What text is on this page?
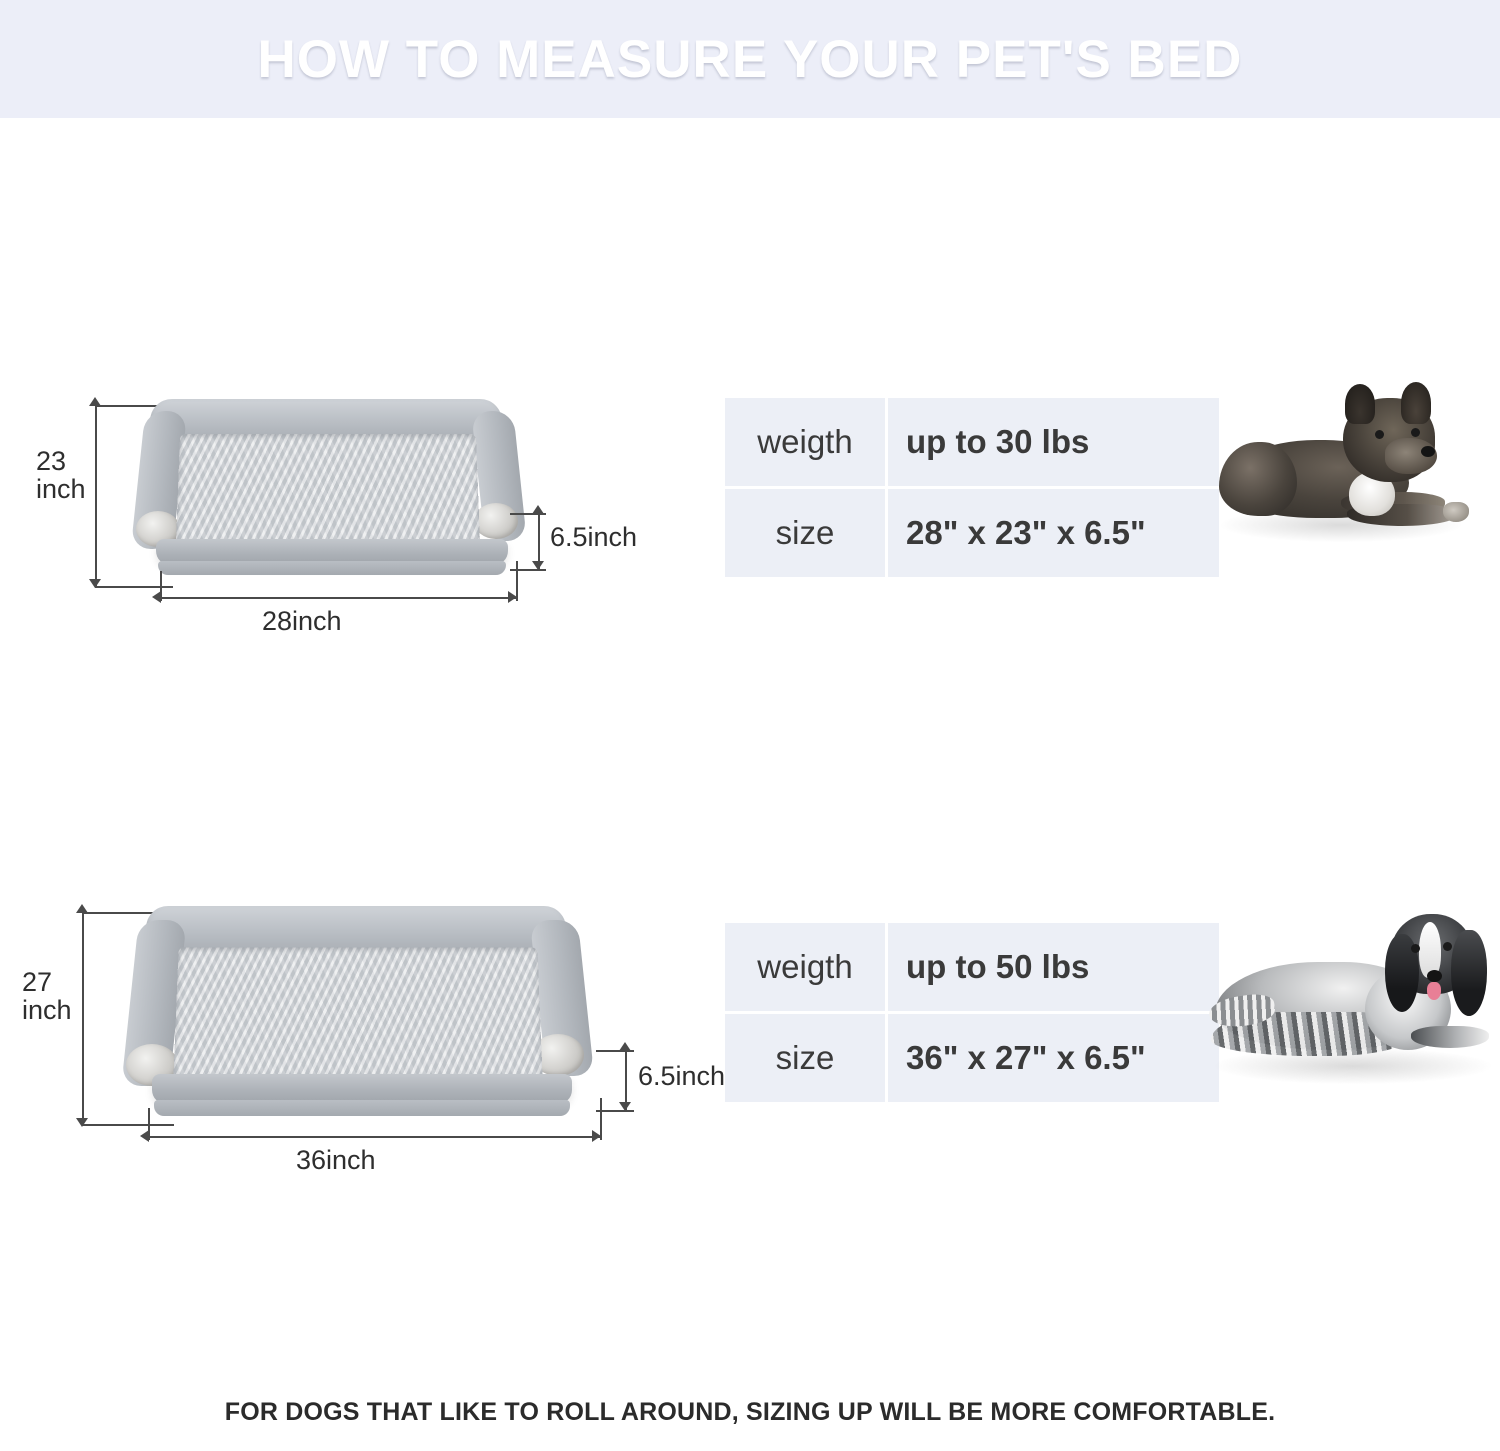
HOW TO MEASURE YOUR PET'S BED
23
inch
6.5inch
28inch
weigth	up to 30 lbs
size	28" x 23" x 6.5"
27
inch
6.5inch
36inch
weigth	up to 50 lbs
size	36" x 27" x 6.5"
FOR DOGS THAT LIKE TO ROLL AROUND, SIZING UP WILL BE MORE COMFORTABLE.
